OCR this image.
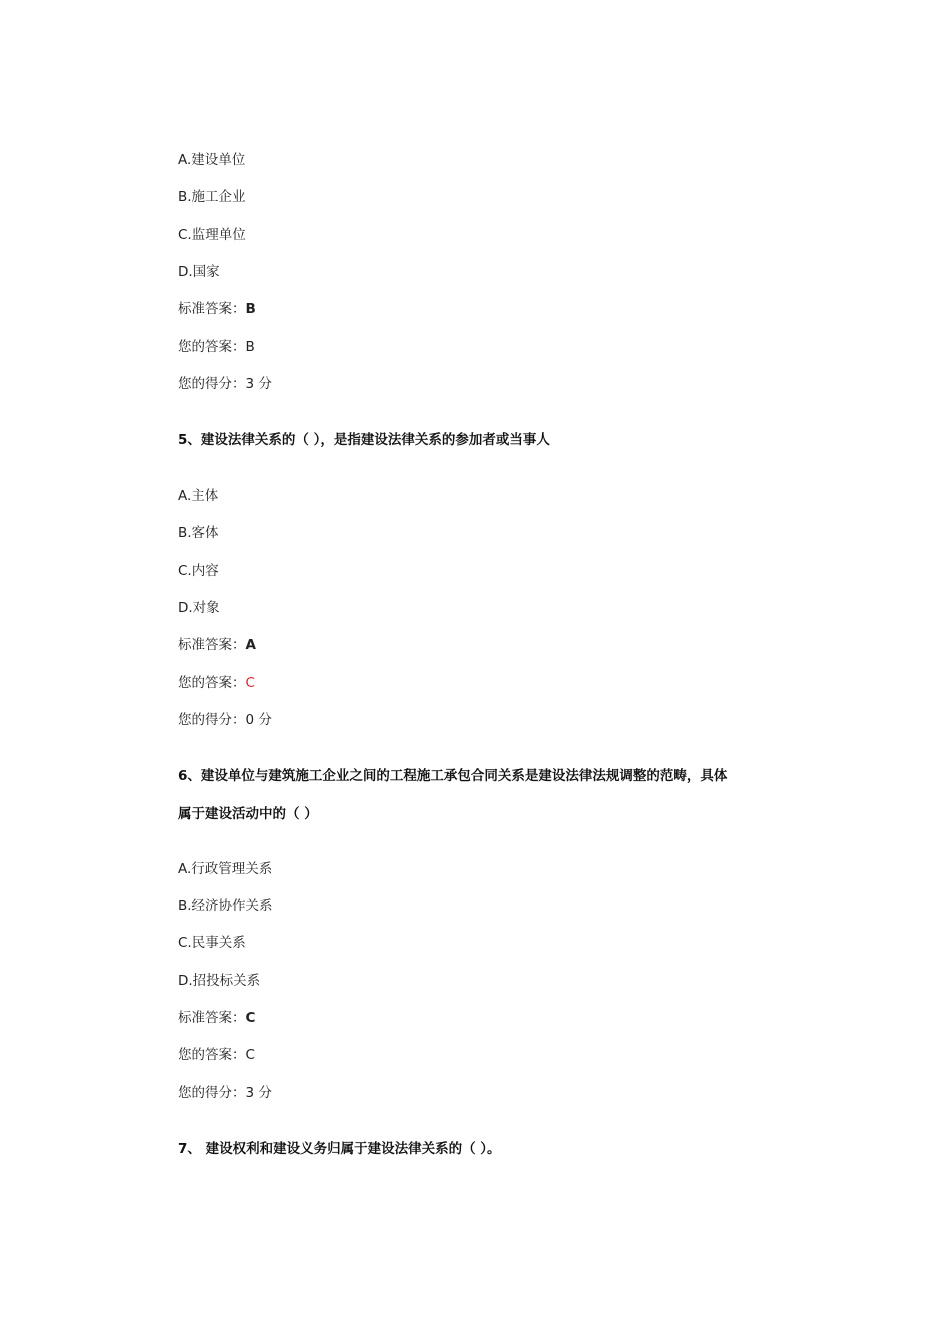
A.建设单位
B.施工企业
C.监理单位
D.国家
标准答案：B
您的答案：B
您的得分：3 分
5、建设法律关系的（ ），是指建设法律关系的参加者或当事人
A.主体
B.客体
C.内容
D.对象
标准答案：A
您的答案：C
您的得分：0 分
6、建设单位与建筑施工企业之间的工程施工承包合同关系是建设法律法规调整的范畴，具体
属于建设活动中的（ ）
A.行政管理关系
B.经济协作关系
C.民事关系
D.招投标关系
标准答案：C
您的答案：C
您的得分：3 分
7、 建设权利和建设义务归属于建设法律关系的（ ）。
